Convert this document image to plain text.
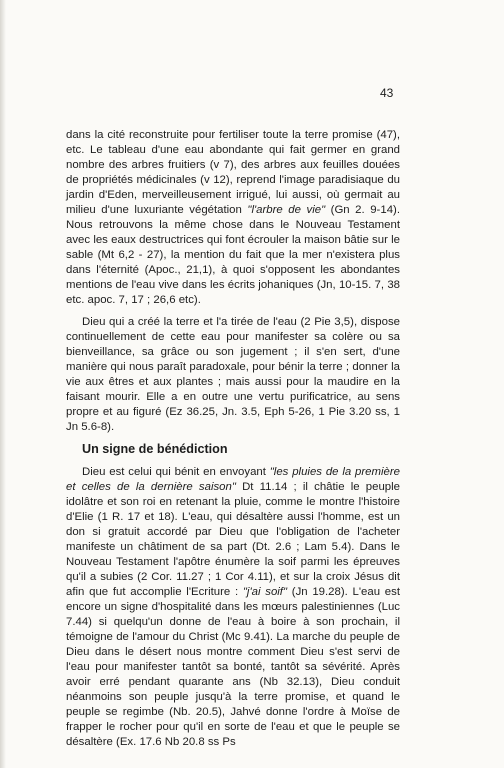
43

dans la cité reconstruite pour fertiliser toute la terre promise (47), etc. Le tableau d'une eau abondante qui fait germer en grand nombre des arbres fruitiers (v 7), des arbres aux feuilles douées de propriétés médicinales (v 12), reprend l'image paradisiaque du jardin d'Eden, merveilleusement irrigué, lui aussi, où germait au milieu d'une luxuriante végétation "l'arbre de vie" (Gn 2. 9-14). Nous retrouvons la même chose dans le Nouveau Testament avec les eaux destructrices qui font écrouler la maison bâtie sur le sable (Mt 6,2 - 27), la mention du fait que la mer n'existera plus dans l'éternité (Apoc., 21,1), à quoi s'opposent les abondantes mentions de l'eau vive dans les écrits johaniques (Jn, 10-15. 7, 38 etc. apoc. 7, 17 ; 26,6 etc).

Dieu qui a créé la terre et l'a tirée de l'eau (2 Pie 3,5), dispose continuellement de cette eau pour manifester sa colère ou sa bienveillance, sa grâce ou son jugement ; il s'en sert, d'une manière qui nous paraît paradoxale, pour bénir la terre ; donner la vie aux êtres et aux plantes ; mais aussi pour la maudire en la faisant mourir. Elle a en outre une vertu purificatrice, au sens propre et au figuré (Ez 36.25, Jn. 3.5, Eph 5-26, 1 Pie 3.20 ss, 1 Jn 5.6-8).

Un signe de bénédiction

Dieu est celui qui bénit en envoyant "les pluies de la première et celles de la dernière saison" Dt 11.14 ; il châtie le peuple idolâtre et son roi en retenant la pluie, comme le montre l'histoire d'Elie (1 R. 17 et 18). L'eau, qui désaltère aussi l'homme, est un don si gratuit accordé par Dieu que l'obligation de l'acheter manifeste un châtiment de sa part (Dt. 2.6 ; Lam 5.4). Dans le Nouveau Testament l'apôtre énumère la soif parmi les épreuves qu'il a subies (2 Cor. 11.27 ; 1 Cor 4.11), et sur la croix Jésus dit afin que fut accomplie l'Ecriture : "j'ai soif" (Jn 19.28). L'eau est encore un signe d'hospitalité dans les mœurs palestiniennes (Luc 7.44) si quelqu'un donne de l'eau à boire à son prochain, il témoigne de l'amour du Christ (Mc 9.41). La marche du peuple de Dieu dans le désert nous montre comment Dieu s'est servi de l'eau pour manifester tantôt sa bonté, tantôt sa sévérité. Après avoir erré pendant quarante ans (Nb 32.13), Dieu conduit néanmoins son peuple jusqu'à la terre promise, et quand le peuple se regimbe (Nb. 20.5), Jahvé donne l'ordre à Moïse de frapper le rocher pour qu'il en sorte de l'eau et que le peuple se désaltère (Ex. 17.6 Nb 20.8 ss Ps
